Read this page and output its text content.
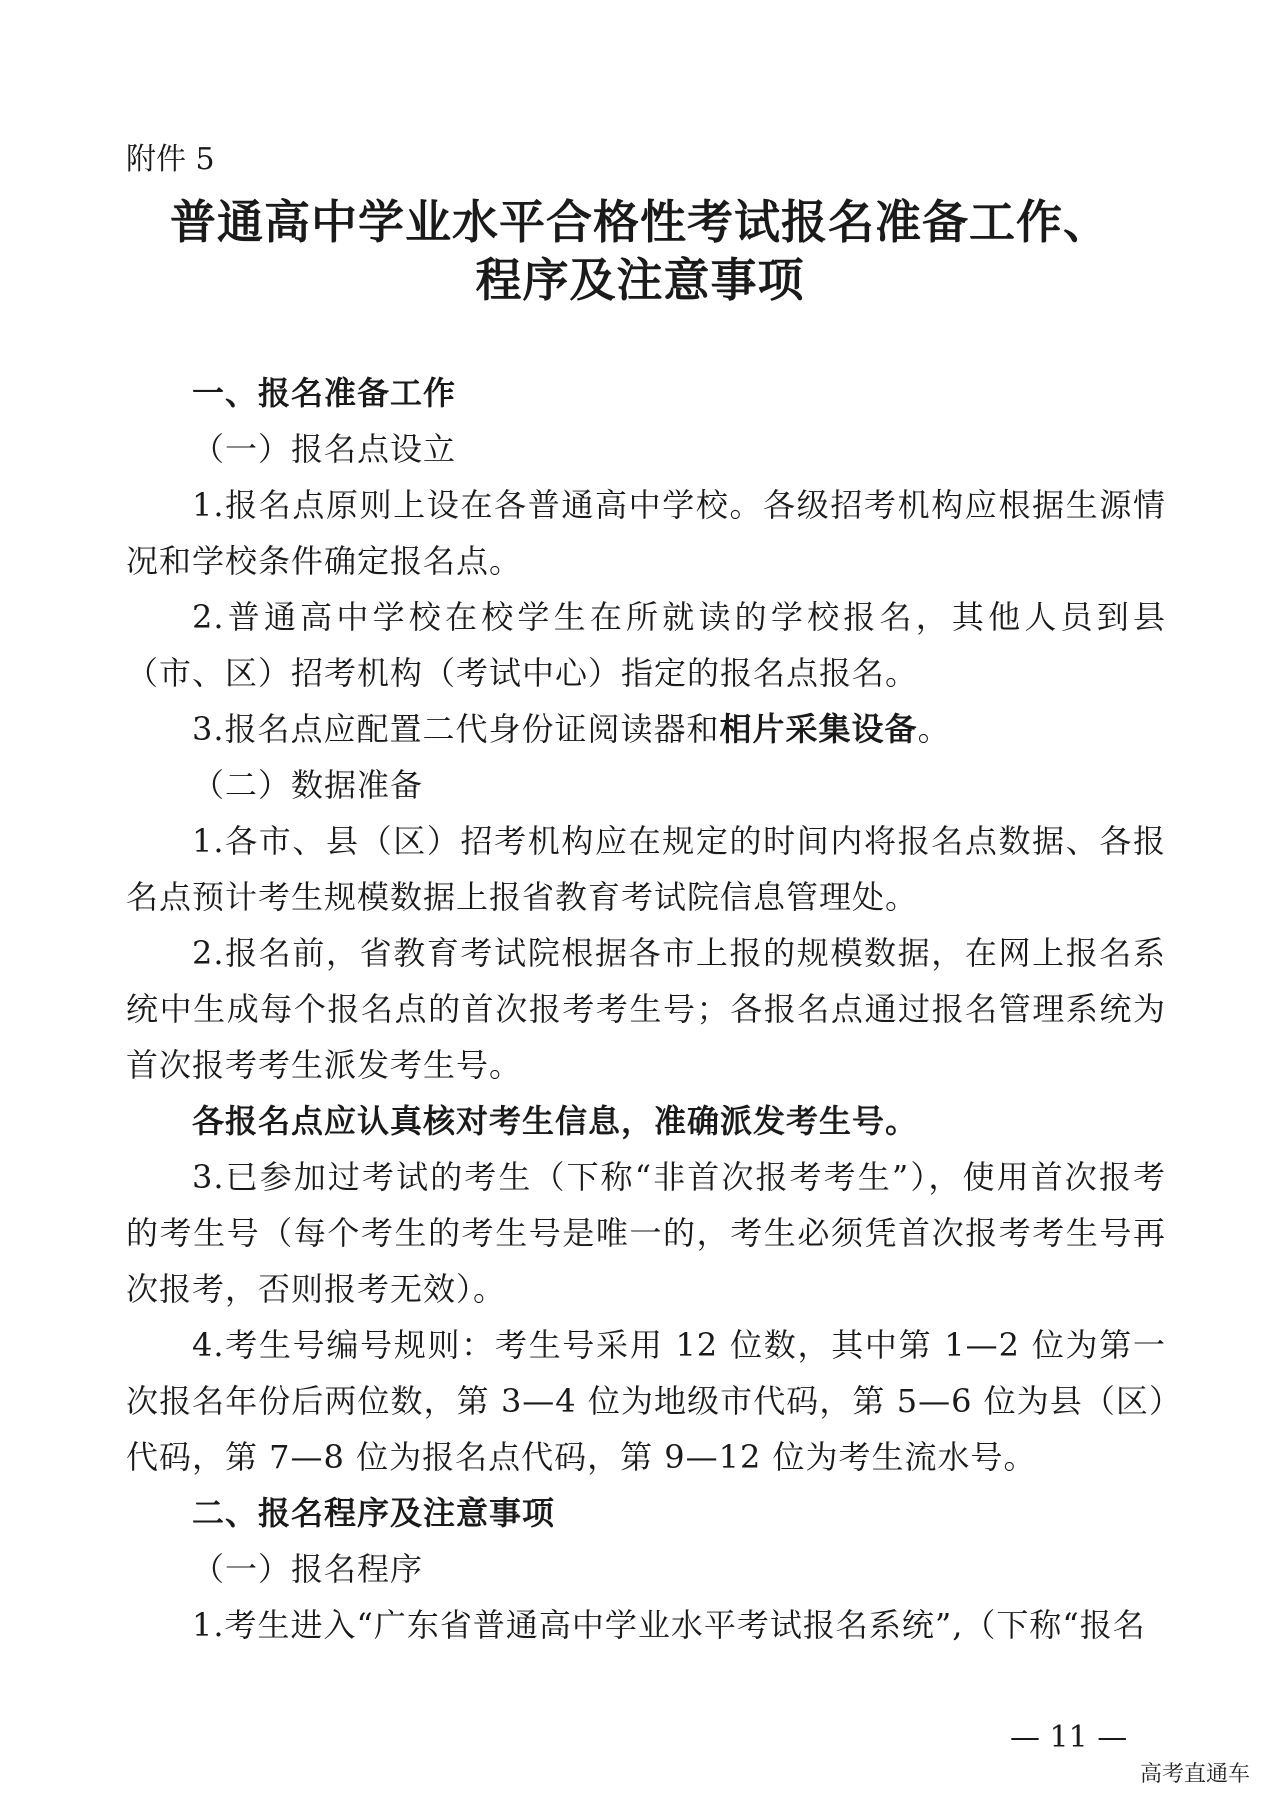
附件 5
普通高中学业水平合格性考试报名准备工作、
程序及注意事项

一、报名准备工作

（一）报名点设立

1.报名点原则上设在各普通高中学校。各级招考机构应根据生源情况和学校条件确定报名点。

2.普通高中学校在校学生在所就读的学校报名，其他人员到县（市、区）招考机构（考试中心）指定的报名点报名。

3.报名点应配置二代身份证阅读器和相片采集设备。

（二）数据准备

1.各市、县（区）招考机构应在规定的时间内将报名点数据、各报名点预计考生规模数据上报省教育考试院信息管理处。

2.报名前，省教育考试院根据各市上报的规模数据，在网上报名系统中生成每个报名点的首次报考考生号；各报名点通过报名管理系统为首次报考考生派发考生号。

各报名点应认真核对考生信息，准确派发考生号。

3.已参加过考试的考生（下称“非首次报考考生”），使用首次报考的考生号（每个考生的考生号是唯一的，考生必须凭首次报考考生号再次报考，否则报考无效）。

4.考生号编号规则：考生号采用 12 位数，其中第 1—2 位为第一次报名年份后两位数，第 3—4 位为地级市代码，第 5—6 位为县（区）代码，第 7—8 位为报名点代码，第 9—12 位为考生流水号。

二、报名程序及注意事项

（一）报名程序

1.考生进入“广东省普通高中学业水平考试报名系统”,（下称“报名

— 11 —
高考直通车
